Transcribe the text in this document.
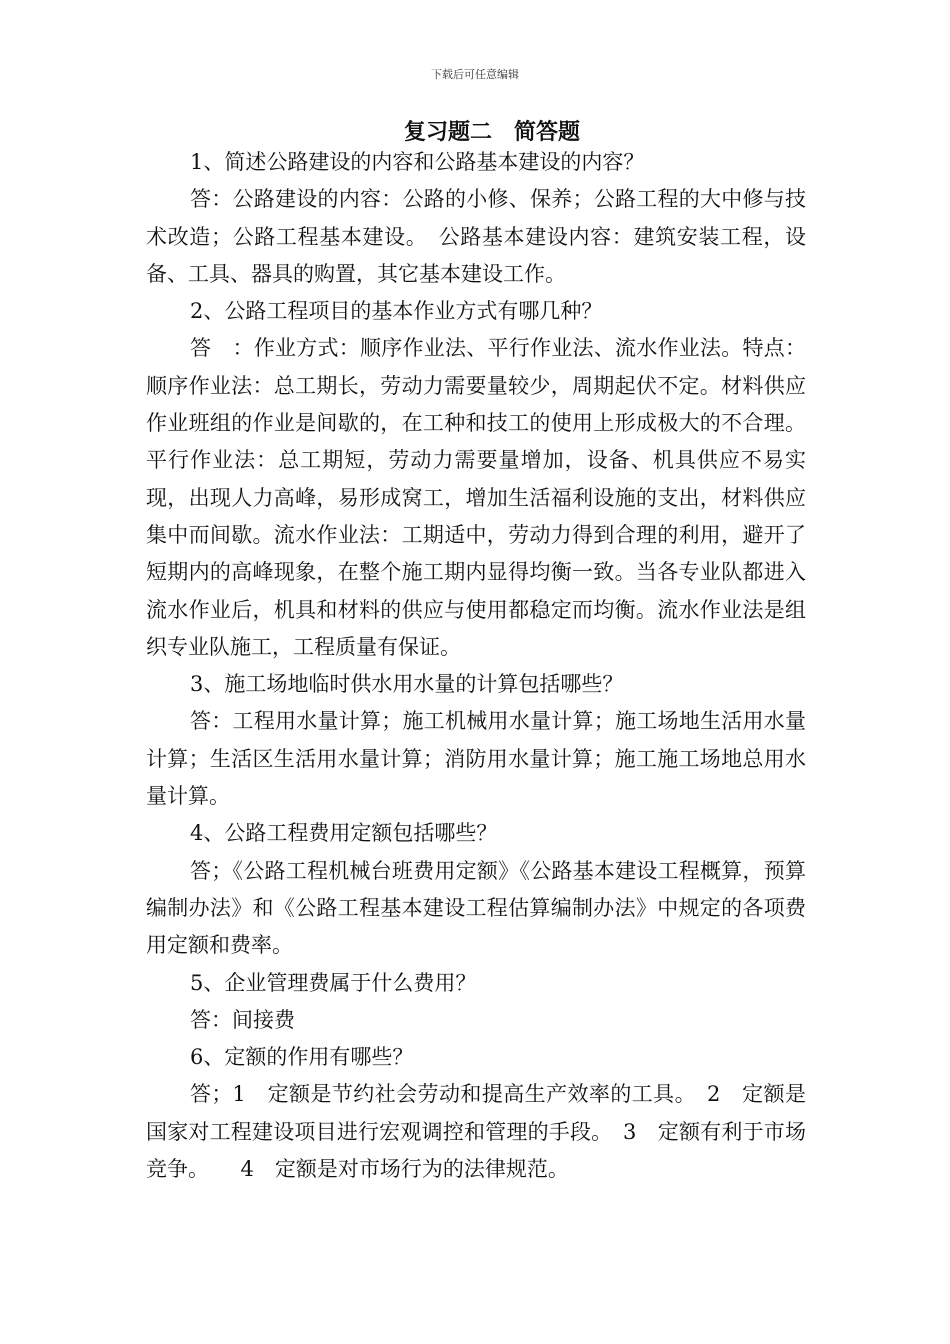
下载后可任意编辑
复习题二　简答题

1、简述公路建设的内容和公路基本建设的内容？

答：公路建设的内容：公路的小修、保养；公路工程的大中修与技术改造；公路工程基本建设。　公路基本建设内容：建筑安装工程，设备、工具、器具的购置，其它基本建设工作。

2、公路工程项目的基本作业方式有哪几种？

答　：作业方式：顺序作业法、平行作业法、流水作业法。特点：顺序作业法：总工期长，劳动力需要量较少，周期起伏不定。材料供应作业班组的作业是间歇的，在工种和技工的使用上形成极大的不合理。平行作业法：总工期短，劳动力需要量增加，设备、机具供应不易实现，出现人力高峰，易形成窝工，增加生活福利设施的支出，材料供应集中而间歇。流水作业法：工期适中，劳动力得到合理的利用，避开了短期内的高峰现象，在整个施工期内显得均衡一致。当各专业队都进入流水作业后，机具和材料的供应与使用都稳定而均衡。流水作业法是组织专业队施工，工程质量有保证。

3、施工场地临时供水用水量的计算包括哪些？

答：工程用水量计算；施工机械用水量计算；施工场地生活用水量计算；生活区生活用水量计算；消防用水量计算；施工施工场地总用水量计算。

4、公路工程费用定额包括哪些？

答；《公路工程机械台班费用定额》《公路基本建设工程概算，预算编制办法》和《公路工程基本建设工程估算编制办法》中规定的各项费用定额和费率。

5、企业管理费属于什么费用？

答：间接费

6、定额的作用有哪些？

答；1　定额是节约社会劳动和提高生产效率的工具。　2　定额是国家对工程建设项目进行宏观调控和管理的手段。　3　定额有利于市场竞争。　　4　定额是对市场行为的法律规范。
